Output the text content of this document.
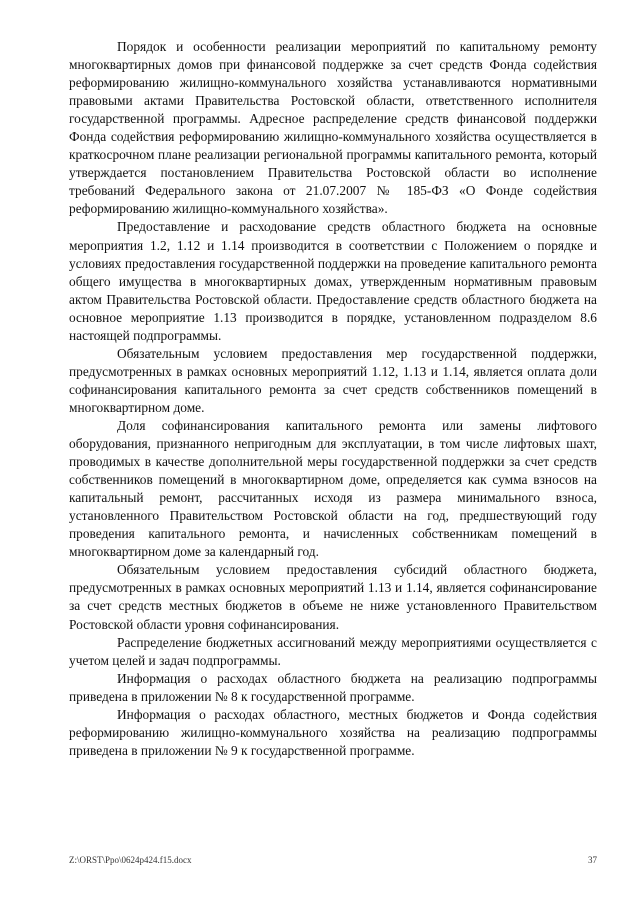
Порядок и особенности реализации мероприятий по капитальному ремонту многоквартирных домов при финансовой поддержке за счет средств Фонда содействия реформированию жилищно-коммунального хозяйства устанавливаются нормативными правовыми актами Правительства Ростовской области, ответственного исполнителя государственной программы. Адресное распределение средств финансовой поддержки Фонда содействия реформированию жилищно-коммунального хозяйства осуществляется в краткосрочном плане реализации региональной программы капитального ремонта, который утверждается постановлением Правительства Ростовской области во исполнение требований Федерального закона от 21.07.2007 № 185-ФЗ «О Фонде содействия реформированию жилищно-коммунального хозяйства».

Предоставление и расходование средств областного бюджета на основные мероприятия 1.2, 1.12 и 1.14 производится в соответствии с Положением о порядке и условиях предоставления государственной поддержки на проведение капитального ремонта общего имущества в многоквартирных домах, утвержденным нормативным правовым актом Правительства Ростовской области. Предоставление средств областного бюджета на основное мероприятие 1.13 производится в порядке, установленном подразделом 8.6 настоящей подпрограммы.

Обязательным условием предоставления мер государственной поддержки, предусмотренных в рамках основных мероприятий 1.12, 1.13 и 1.14, является оплата доли софинансирования капитального ремонта за счет средств собственников помещений в многоквартирном доме.

Доля софинансирования капитального ремонта или замены лифтового оборудования, признанного непригодным для эксплуатации, в том числе лифтовых шахт, проводимых в качестве дополнительной меры государственной поддержки за счет средств собственников помещений в многоквартирном доме, определяется как сумма взносов на капитальный ремонт, рассчитанных исходя из размера минимального взноса, установленного Правительством Ростовской области на год, предшествующий году проведения капитального ремонта, и начисленных собственникам помещений в многоквартирном доме за календарный год.

Обязательным условием предоставления субсидий областного бюджета, предусмотренных в рамках основных мероприятий 1.13 и 1.14, является софинансирование за счет средств местных бюджетов в объеме не ниже установленного Правительством Ростовской области уровня софинансирования.

Распределение бюджетных ассигнований между мероприятиями осуществляется с учетом целей и задач подпрограммы.

Информация о расходах областного бюджета на реализацию подпрограммы приведена в приложении № 8 к государственной программе.

Информация о расходах областного, местных бюджетов и Фонда содействия реформированию жилищно-коммунального хозяйства на реализацию подпрограммы приведена в приложении № 9 к государственной программе.

Z:\ORST\Ppo\0624p424.f15.docx	37
